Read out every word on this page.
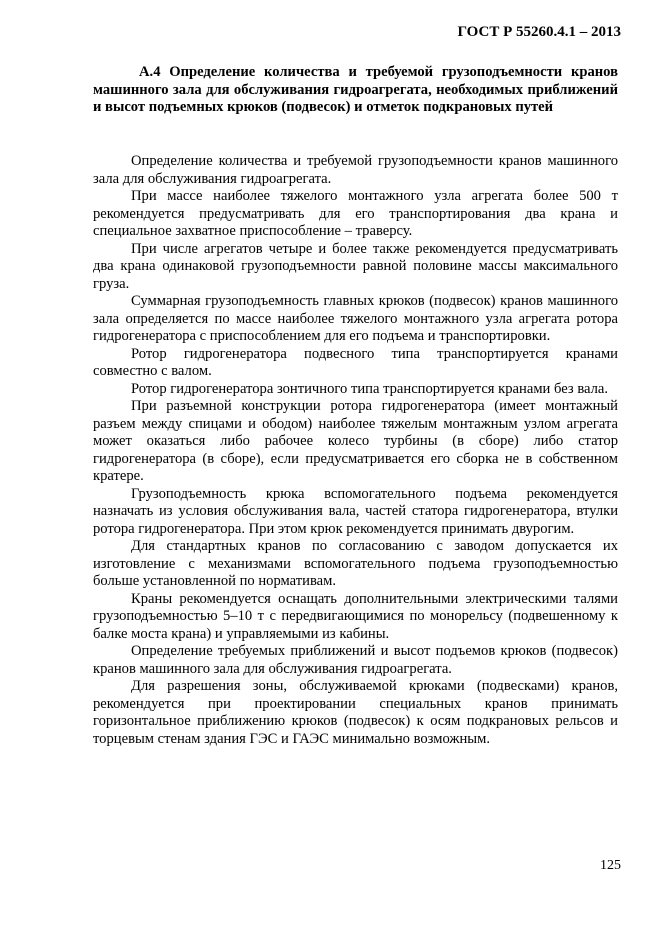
ГОСТ Р 55260.4.1 – 2013

А.4 Определение количества и требуемой грузоподъемности кранов машинного зала для обслуживания гидроагрегата, необходимых приближений и высот подъемных крюков (подвесок) и отметок подкрановых путей

Определение количества и требуемой грузоподъемности кранов машинного зала для обслуживания гидроагрегата.

При массе наиболее тяжелого монтажного узла агрегата более 500 т рекомендуется предусматривать для его транспортирования два крана и специальное захватное приспособление – траверсу.

При числе агрегатов четыре и более также рекомендуется предусматривать два крана одинаковой грузоподъемности равной половине массы максимального груза.

Суммарная грузоподъемность главных крюков (подвесок) кранов машинного зала определяется по массе наиболее тяжелого монтажного узла агрегата ротора гидрогенератора с приспособлением для его подъема и транспортировки.

Ротор гидрогенератора подвесного типа транспортируется кранами совместно с валом.

Ротор гидрогенератора зонтичного типа транспортируется кранами без вала.

При разъемной конструкции ротора гидрогенератора (имеет монтажный разъем между спицами и ободом) наиболее тяжелым монтажным узлом агрегата может оказаться либо рабочее колесо турбины (в сборе) либо статор гидрогенератора (в сборе), если предусматривается его сборка не в собственном кратере.

Грузоподъемность крюка вспомогательного подъема рекомендуется назначать из условия обслуживания вала, частей статора гидрогенератора, втулки ротора гидрогенератора. При этом крюк рекомендуется принимать двурогим.

Для стандартных кранов по согласованию с заводом допускается их изготовление с механизмами вспомогательного подъема грузоподъемностью больше установленной по нормативам.

Краны рекомендуется оснащать дополнительными электрическими талями грузоподъемностью 5–10 т с передвигающимися по монорельсу (подвешенному к балке моста крана) и управляемыми из кабины.

Определение требуемых приближений и высот подъемов крюков (подвесок) кранов машинного зала для обслуживания гидроагрегата.

Для разрешения зоны, обслуживаемой крюками (подвесками) кранов, рекомендуется при проектировании специальных кранов принимать горизонтальное приближению крюков (подвесок) к осям подкрановых рельсов и торцевым стенам здания ГЭС и ГАЭС минимально возможным.

125
